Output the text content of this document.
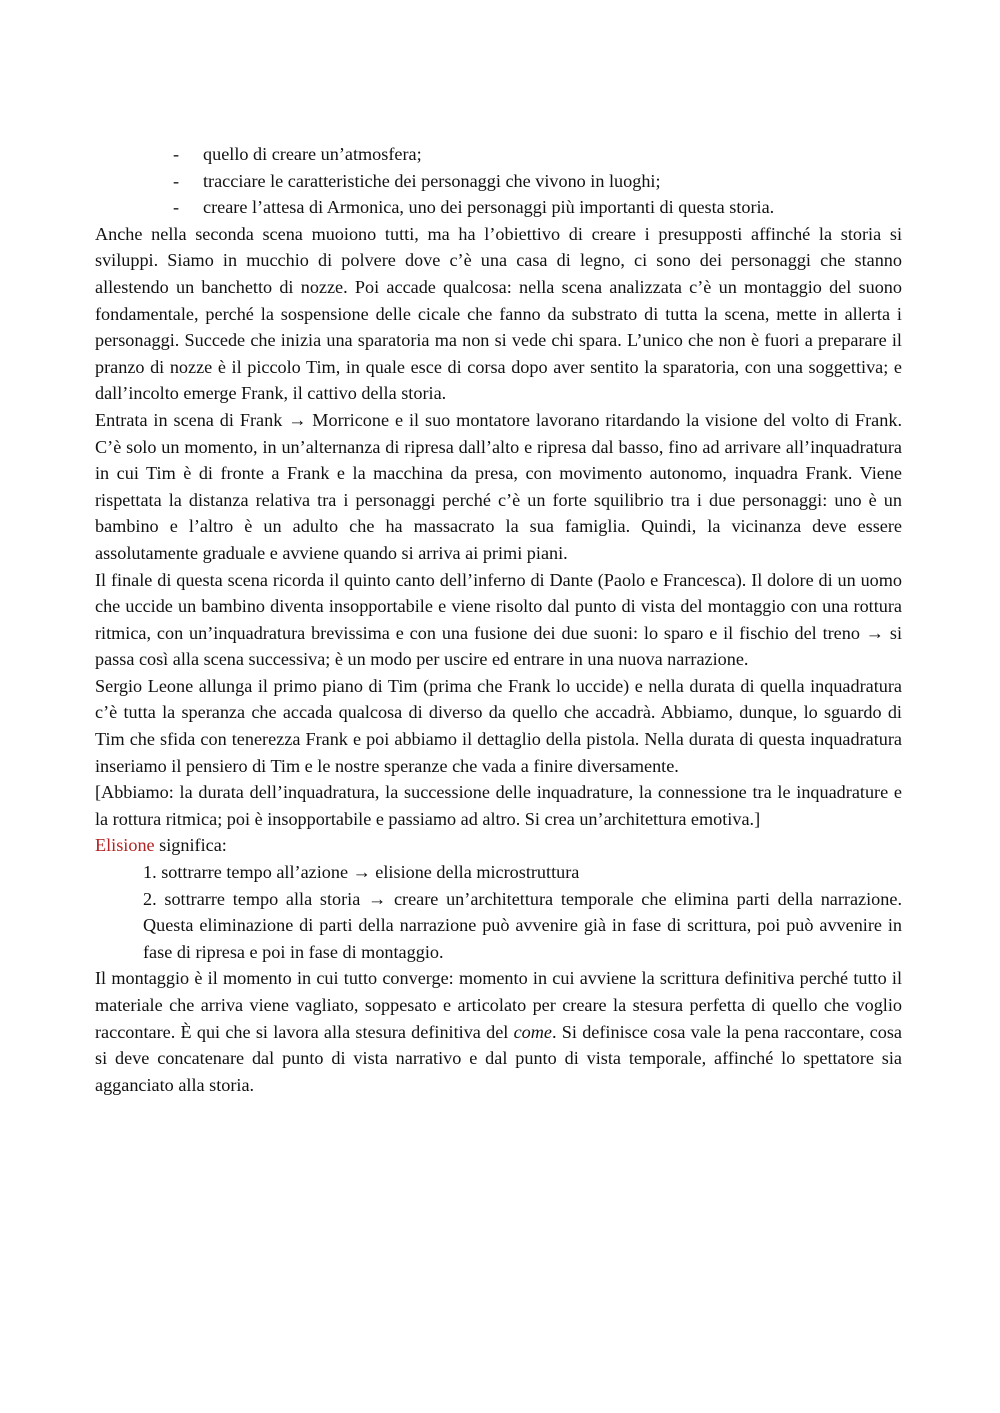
- quello di creare un’atmosfera;
- tracciare le caratteristiche dei personaggi che vivono in luoghi;
- creare l’attesa di Armonica, uno dei personaggi più importanti di questa storia.

Anche nella seconda scena muoiono tutti, ma ha l’obiettivo di creare i presupposti affinché la storia si sviluppi. Siamo in mucchio di polvere dove c’è una casa di legno, ci sono dei personaggi che stanno allestendo un banchetto di nozze. Poi accade qualcosa: nella scena analizzata c’è un montaggio del suono fondamentale, perché la sospensione delle cicale che fanno da substrato di tutta la scena, mette in allerta i personaggi. Succede che inizia una sparatoria ma non si vede chi spara. L’unico che non è fuori a preparare il pranzo di nozze è il piccolo Tim, in quale esce di corsa dopo aver sentito la sparatoria, con una soggettiva; e dall’incolto emerge Frank, il cattivo della storia.

Entrata in scena di Frank → Morricone e il suo montatore lavorano ritardando la visione del volto di Frank. C’è solo un momento, in un’alternanza di ripresa dall’alto e ripresa dal basso, fino ad arrivare all’inquadratura in cui Tim è di fronte a Frank e la macchina da presa, con movimento autonomo, inquadra Frank. Viene rispettata la distanza relativa tra i personaggi perché c’è un forte squilibrio tra i due personaggi: uno è un bambino e l’altro è un adulto che ha massacrato la sua famiglia. Quindi, la vicinanza deve essere assolutamente graduale e avviene quando si arriva ai primi piani.

Il finale di questa scena ricorda il quinto canto dell’inferno di Dante (Paolo e Francesca). Il dolore di un uomo che uccide un bambino diventa insopportabile e viene risolto dal punto di vista del montaggio con una rottura ritmica, con un’inquadratura brevissima e con una fusione dei due suoni: lo sparo e il fischio del treno → si passa così alla scena successiva; è un modo per uscire ed entrare in una nuova narrazione.

Sergio Leone allunga il primo piano di Tim (prima che Frank lo uccide) e nella durata di quella inquadratura c’è tutta la speranza che accada qualcosa di diverso da quello che accadrà. Abbiamo, dunque, lo sguardo di Tim che sfida con tenerezza Frank e poi abbiamo il dettaglio della pistola. Nella durata di questa inquadratura inseriamo il pensiero di Tim e le nostre speranze che vada a finire diversamente.

[Abbiamo: la durata dell’inquadratura, la successione delle inquadrature, la connessione tra le inquadrature e la rottura ritmica; poi è insopportabile e passiamo ad altro. Si crea un’architettura emotiva.]

Elisione significa:

1. sottrarre tempo all’azione → elisione della microstruttura
2. sottrarre tempo alla storia → creare un’architettura temporale che elimina parti della narrazione. Questa eliminazione di parti della narrazione può avvenire già in fase di scrittura, poi può avvenire in fase di ripresa e poi in fase di montaggio.

Il montaggio è il momento in cui tutto converge: momento in cui avviene la scrittura definitiva perché tutto il materiale che arriva viene vagliato, soppesato e articolato per creare la stesura perfetta di quello che voglio raccontare. È qui che si lavora alla stesura definitiva del come. Si definisce cosa vale la pena raccontare, cosa si deve concatenare dal punto di vista narrativo e dal punto di vista temporale, affinché lo spettatore sia agganciato alla storia.
